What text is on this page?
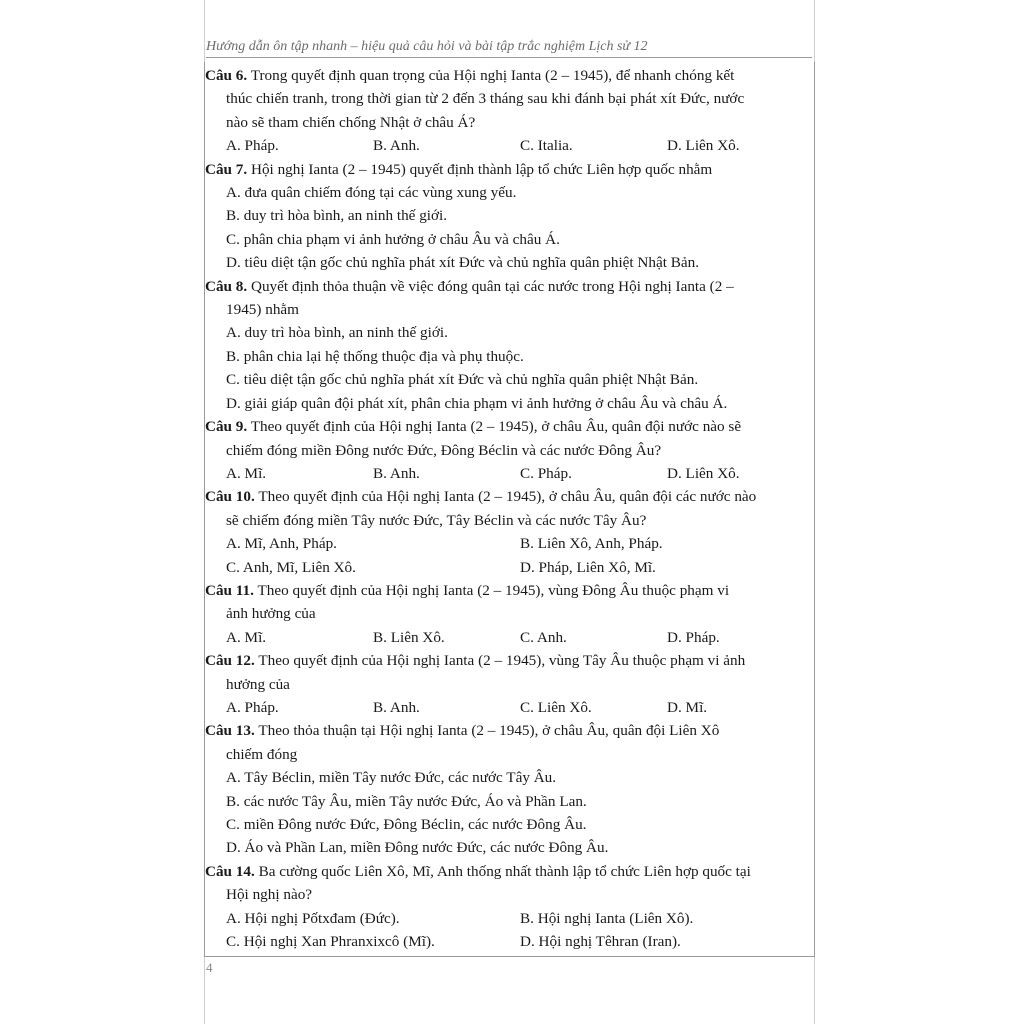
Hướng dẫn ôn tập nhanh – hiệu quả câu hỏi và bài tập trắc nghiệm Lịch sử 12
Câu 6. Trong quyết định quan trọng của Hội nghị Ianta (2 – 1945), để nhanh chóng kết
thúc chiến tranh, trong thời gian từ 2 đến 3 tháng sau khi đánh bại phát xít Đức, nước
nào sẽ tham chiến chống Nhật ở châu Á?
A. Pháp.	B. Anh.	C. Italia.	D. Liên Xô.
Câu 7. Hội nghị Ianta (2 – 1945) quyết định thành lập tổ chức Liên hợp quốc nhằm
A. đưa quân chiếm đóng tại các vùng xung yếu.
B. duy trì hòa bình, an ninh thế giới.
C. phân chia phạm vi ảnh hưởng ở châu Âu và châu Á.
D. tiêu diệt tận gốc chủ nghĩa phát xít Đức và chủ nghĩa quân phiệt Nhật Bản.
Câu 8. Quyết định thỏa thuận về việc đóng quân tại các nước trong Hội nghị Ianta (2 –
1945) nhằm
A. duy trì hòa bình, an ninh thế giới.
B. phân chia lại hệ thống thuộc địa và phụ thuộc.
C. tiêu diệt tận gốc chủ nghĩa phát xít Đức và chủ nghĩa quân phiệt Nhật Bản.
D. giải giáp quân đội phát xít, phân chia phạm vi ảnh hưởng ở châu Âu và châu Á.
Câu 9. Theo quyết định của Hội nghị Ianta (2 – 1945), ở châu Âu, quân đội nước nào sẽ
chiếm đóng miền Đông nước Đức, Đông Béclin và các nước Đông Âu?
A. Mĩ.	B. Anh.	C. Pháp.	D. Liên Xô.
Câu 10. Theo quyết định của Hội nghị Ianta (2 – 1945), ở châu Âu, quân đội các nước nào
sẽ chiếm đóng miền Tây nước Đức, Tây Béclin và các nước Tây Âu?
A. Mĩ, Anh, Pháp.	B. Liên Xô, Anh, Pháp.
C. Anh, Mĩ, Liên Xô.	D. Pháp, Liên Xô, Mĩ.
Câu 11. Theo quyết định của Hội nghị Ianta (2 – 1945), vùng Đông Âu thuộc phạm vi
ảnh hưởng của
A. Mĩ.	B. Liên Xô.	C. Anh.	D. Pháp.
Câu 12. Theo quyết định của Hội nghị Ianta (2 – 1945), vùng Tây Âu thuộc phạm vi ảnh
hưởng của
A. Pháp.	B. Anh.	C. Liên Xô.	D. Mĩ.
Câu 13. Theo thỏa thuận tại Hội nghị Ianta (2 – 1945), ở châu Âu, quân đội Liên Xô
chiếm đóng
A. Tây Béclin, miền Tây nước Đức, các nước Tây Âu.
B. các nước Tây Âu, miền Tây nước Đức, Áo và Phần Lan.
C. miền Đông nước Đức, Đông Béclin, các nước Đông Âu.
D. Áo và Phần Lan, miền Đông nước Đức, các nước Đông Âu.
Câu 14. Ba cường quốc Liên Xô, Mĩ, Anh thống nhất thành lập tổ chức Liên hợp quốc tại
Hội nghị nào?
A. Hội nghị Pốtxđam (Đức).	B. Hội nghị Ianta (Liên Xô).
C. Hội nghị Xan Phranxixcô (Mĩ).	D. Hội nghị Têhran (Iran).
4
